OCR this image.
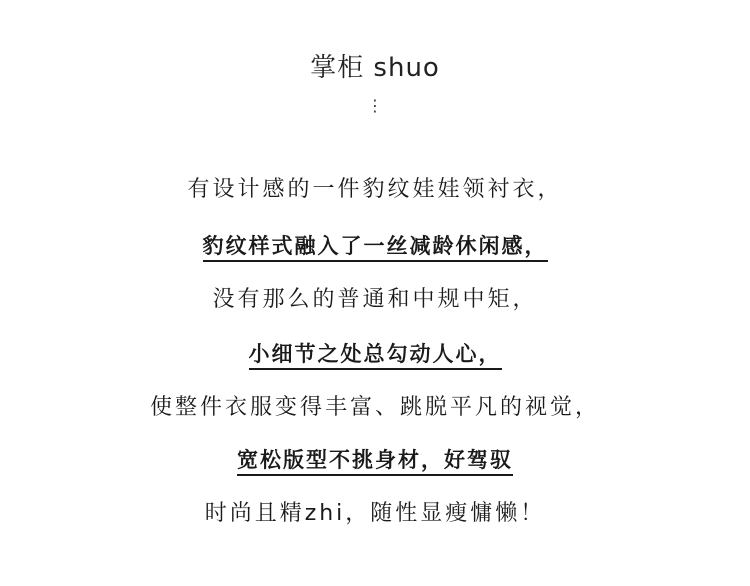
掌柜 shuo
⋮
有设计感的一件豹纹娃娃领衬衣，
豹纹样式融入了一丝减龄休闲感，
没有那么的普通和中规中矩，
小细节之处总勾动人心，
使整件衣服变得丰富、跳脱平凡的视觉，
宽松版型不挑身材，好驾驭
时尚且精zhi，随性显瘦慵懒！
